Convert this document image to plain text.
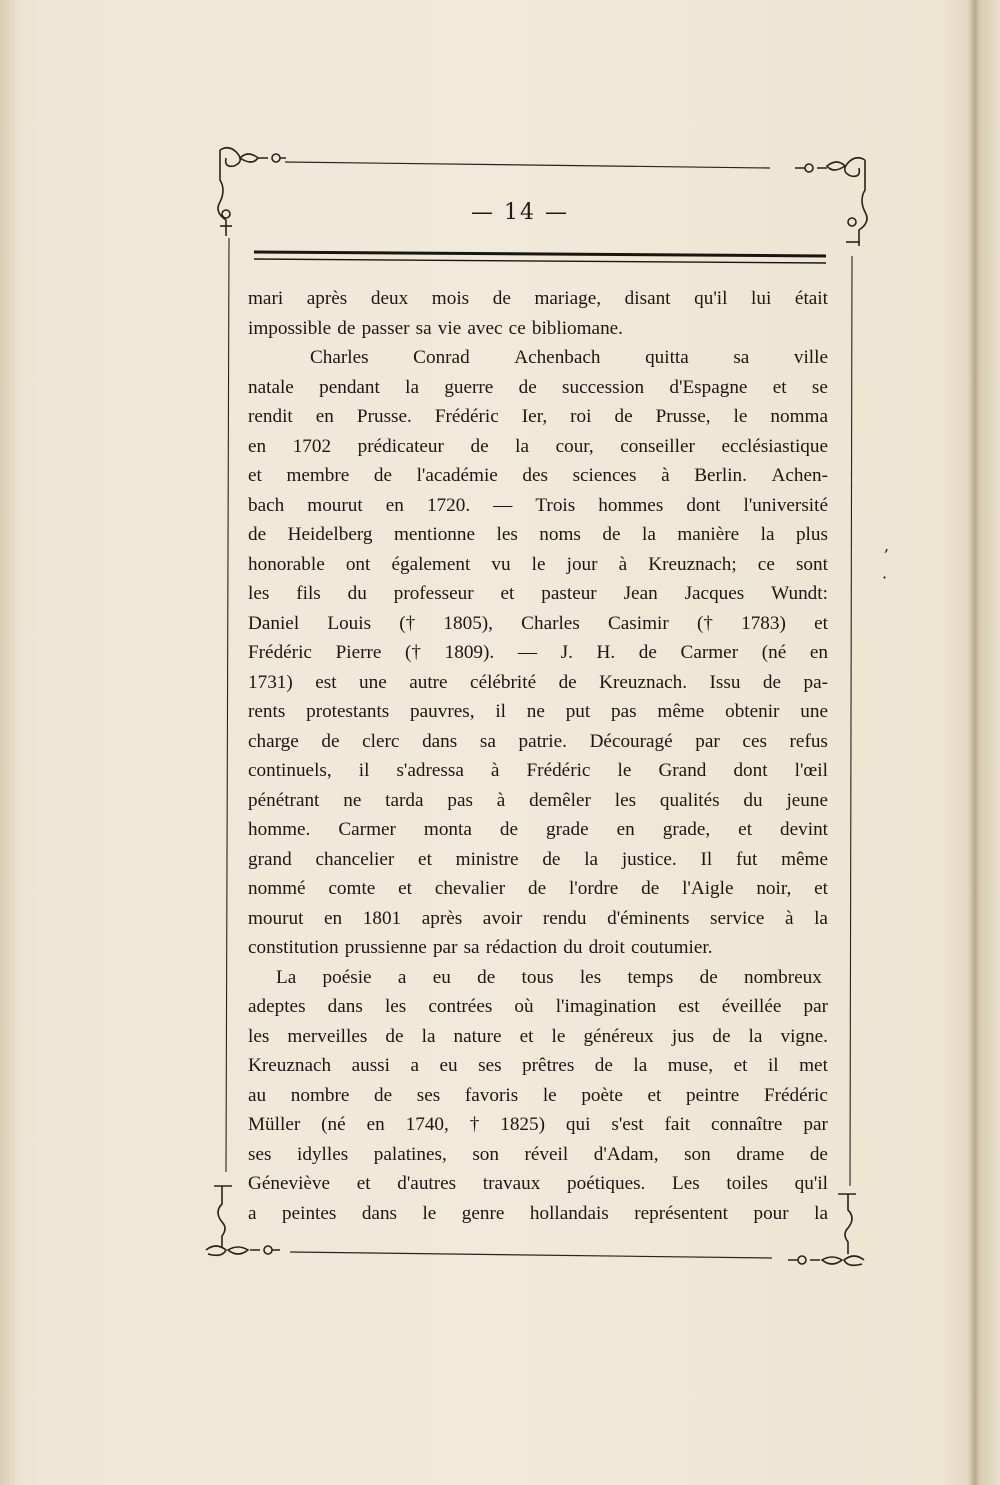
— 14 —
mari après deux mois de mariage, disant qu'il lui était
impossible de passer sa vie avec ce bibliomane.
Charles Conrad Achenbach quitta sa ville
natale pendant la guerre de succession d'Espagne et se
rendit en Prusse. Frédéric Ier, roi de Prusse, le nomma
en 1702 prédicateur de la cour, conseiller ecclésiastique
et membre de l'académie des sciences à Berlin. Achen-
bach mourut en 1720. — Trois hommes dont l'université
de Heidelberg mentionne les noms de la manière la plus
honorable ont également vu le jour à Kreuznach; ce sont
les fils du professeur et pasteur Jean Jacques Wundt:
Daniel Louis († 1805), Charles Casimir († 1783) et
Frédéric Pierre († 1809). — J. H. de Carmer (né en
1731) est une autre célébrité de Kreuznach. Issu de pa-
rents protestants pauvres, il ne put pas même obtenir une
charge de clerc dans sa patrie. Découragé par ces refus
continuels, il s'adressa à Frédéric le Grand dont l'œil
pénétrant ne tarda pas à demêler les qualités du jeune
homme. Carmer monta de grade en grade, et devint
grand chancelier et ministre de la justice. Il fut même
nommé comte et chevalier de l'ordre de l'Aigle noir, et
mourut en 1801 après avoir rendu d'éminents service à la
constitution prussienne par sa rédaction du droit coutumier.
La poésie a eu de tous les temps de nombreux
adeptes dans les contrées où l'imagination est éveillée par
les merveilles de la nature et le généreux jus de la vigne.
Kreuznach aussi a eu ses prêtres de la muse, et il met
au nombre de ses favoris le poète et peintre Frédéric
Müller (né en 1740, † 1825) qui s'est fait connaître par
ses idylles palatines, son réveil d'Adam, son drame de
Géneviève et d'autres travaux poétiques. Les toiles qu'il
a peintes dans le genre hollandais représentent pour la
,
·
